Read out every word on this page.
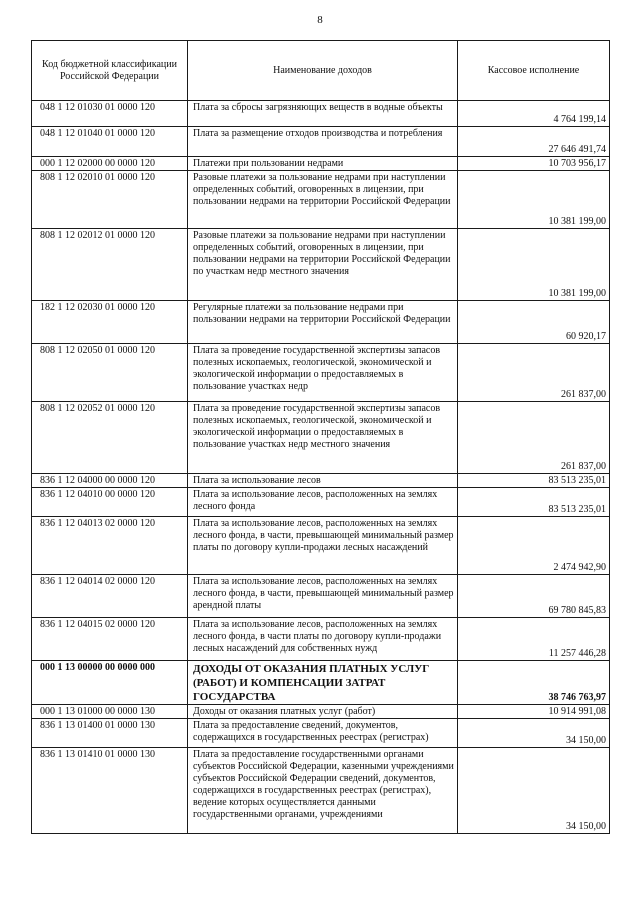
8
Код бюджетной классификации Российской Федерации	Наименование доходов	Кассовое исполнение
048 1 12 01030 01 0000 120	Плата за сбросы загрязняющих веществ в водные объекты	4 764 199,14
048 1 12 01040 01 0000 120	Плата за размещение отходов производства и потребления	27 646 491,74
000 1 12 02000 00 0000 120	Платежи при пользовании недрами	10 703 956,17
808 1 12 02010 01 0000 120	Разовые платежи за пользование недрами при наступлении определенных событий, оговоренных в лицензии, при пользовании недрами на территории Российской Федерации	10 381 199,00
808 1 12 02012 01 0000 120	Разовые платежи за пользование недрами при наступлении определенных событий, оговоренных в лицензии, при пользовании недрами на территории Российской Федерации по участкам недр местного значения	10 381 199,00
182 1 12 02030 01 0000 120	Регулярные платежи за пользование недрами при пользовании недрами на территории Российской Федерации	60 920,17
808 1 12 02050 01 0000 120	Плата за проведение государственной экспертизы запасов полезных ископаемых, геологической, экономической и экологической информации о предоставляемых в пользование участках недр	261 837,00
808 1 12 02052 01 0000 120	Плата за проведение государственной экспертизы запасов полезных ископаемых, геологической, экономической и экологической информации о предоставляемых в пользование участках недр местного значения	261 837,00
836 1 12 04000 00 0000 120	Плата за использование лесов	83 513 235,01
836 1 12 04010 00 0000 120	Плата за использование лесов, расположенных на землях лесного фонда	83 513 235,01
836 1 12 04013 02 0000 120	Плата за использование лесов, расположенных на землях лесного фонда, в части, превышающей минимальный размер платы по договору купли-продажи лесных насаждений	2 474 942,90
836 1 12 04014 02 0000 120	Плата за использование лесов, расположенных на землях лесного фонда, в части, превышающей минимальный размер арендной платы	69 780 845,83
836 1 12 04015 02 0000 120	Плата за использование лесов, расположенных на землях лесного фонда, в части платы по договору купли-продажи лесных насаждений для собственных нужд	11 257 446,28
000 1 13 00000 00 0000 000	ДОХОДЫ ОТ ОКАЗАНИЯ ПЛАТНЫХ УСЛУГ (РАБОТ) И КОМПЕНСАЦИИ ЗАТРАТ ГОСУДАРСТВА	38 746 763,97
000 1 13 01000 00 0000 130	Доходы от оказания платных услуг (работ)	10 914 991,08
836 1 13 01400 01 0000 130	Плата за предоставление сведений, документов, содержащихся в государственных реестрах (регистрах)	34 150,00
836 1 13 01410 01 0000 130	Плата за предоставление государственными органами субъектов Российской Федерации, казенными учреждениями субъектов Российской Федерации сведений, документов, содержащихся в государственных реестрах (регистрах), ведение которых осуществляется данными государственными органами, учреждениями	34 150,00
